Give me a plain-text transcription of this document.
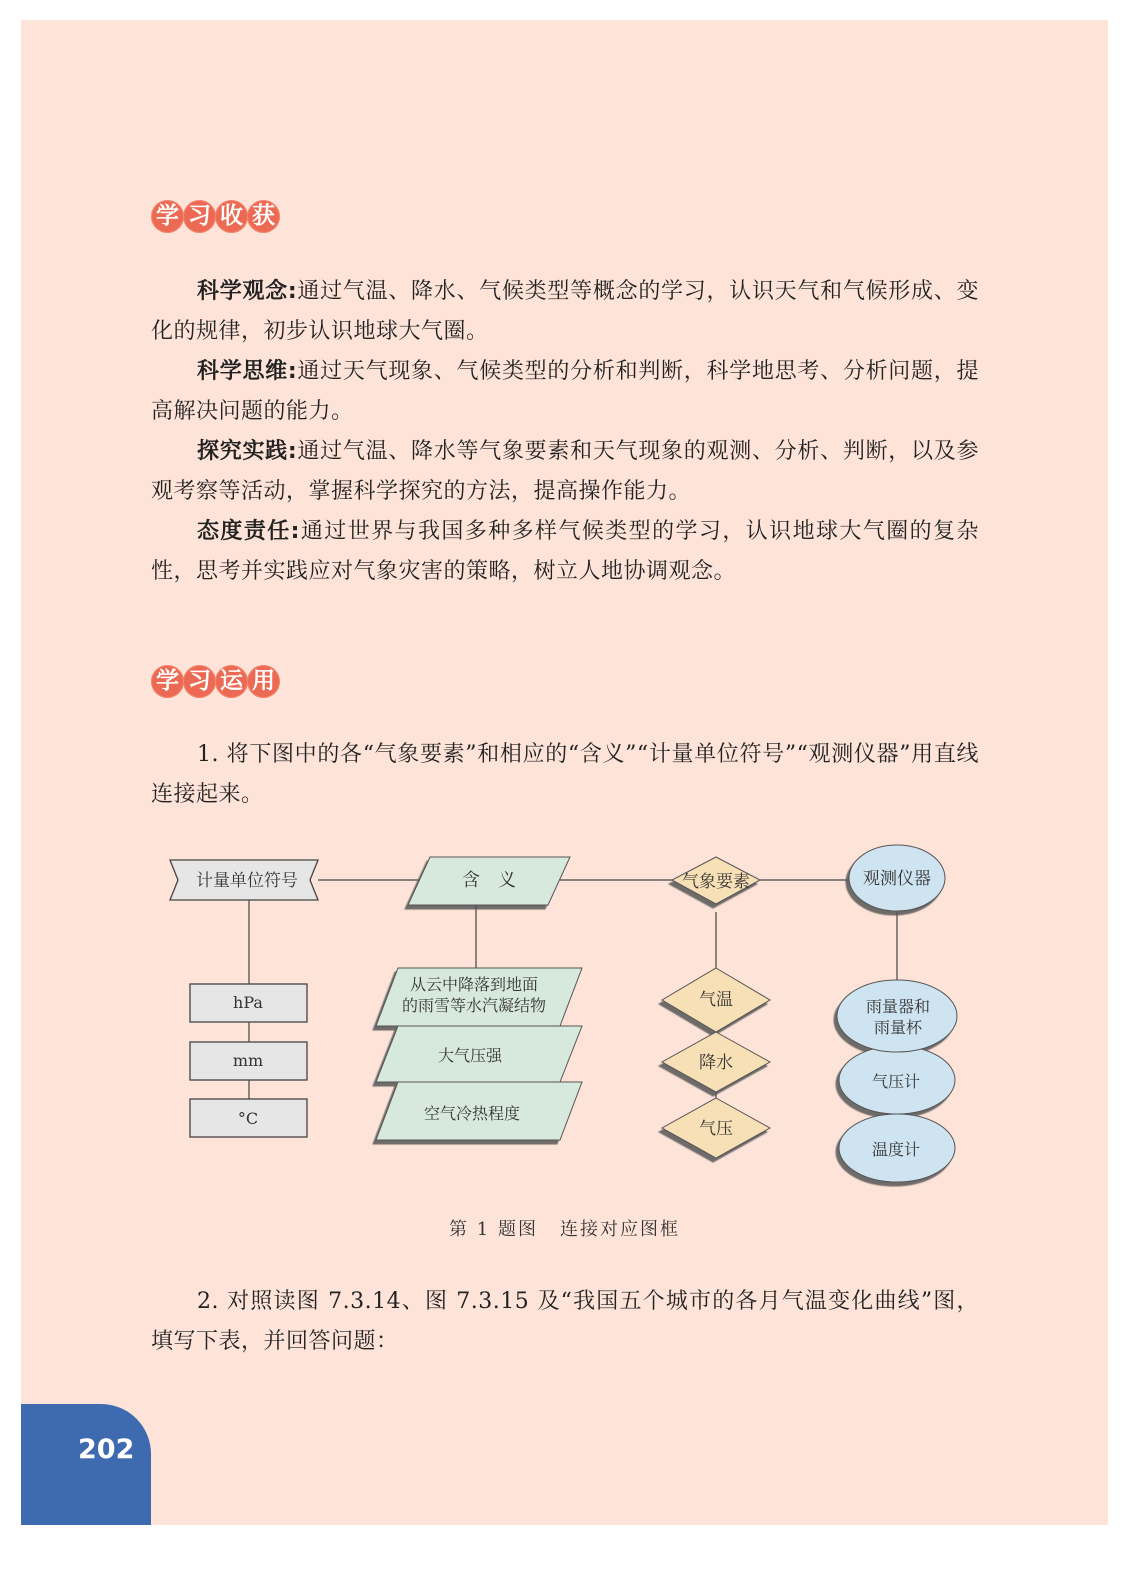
学 习 收 获
科学观念:通过气温、降水、气候类型等概念的学习，认识天气和气候形成、变化的规律，初步认识地球大气圈。
科学思维:通过天气现象、气候类型的分析和判断，科学地思考、分析问题，提高解决问题的能力。
探究实践:通过气温、降水等气象要素和天气现象的观测、分析、判断，以及参观考察等活动，掌握科学探究的方法，提高操作能力。
态度责任:通过世界与我国多种多样气候类型的学习，认识地球大气圈的复杂性，思考并实践应对气象灾害的策略，树立人地协调观念。
学 习 运 用
1. 将下图中的各“气象要素”和相应的“含义”“计量单位符号”“观测仪器”用直线连接起来。
计量单位符号	含　义	气象要素	观测仪器
hPa
mm
°C
从云中降落到地面
的雨雪等水汽凝结物
大气压强
空气冷热程度
气温
降水
气压
雨量器和
雨量杯
气压计
温度计
第 1 题图 连接对应图框
2. 对照读图 7.3.14、图 7.3.15 及“我国五个城市的各月气温变化曲线”图，填写下表，并回答问题：
202
